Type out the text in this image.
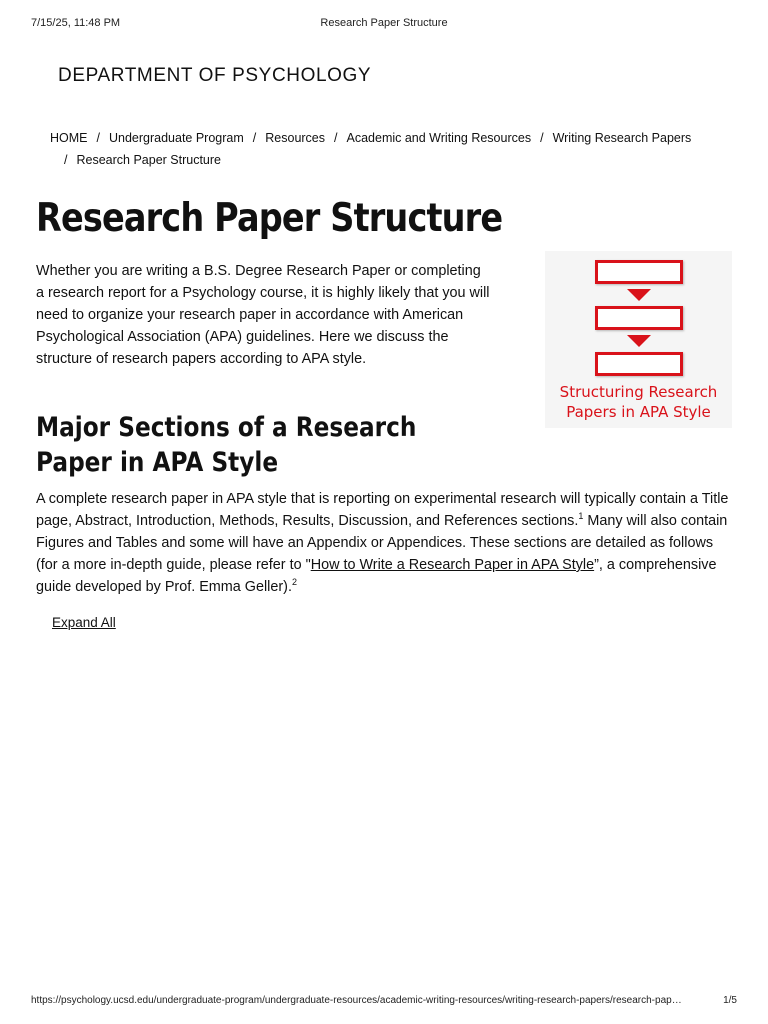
7/15/25, 11:48 PM	Research Paper Structure
DEPARTMENT OF PSYCHOLOGY
HOME / Undergraduate Program / Resources / Academic and Writing Resources / Writing Research Papers
/ Research Paper Structure
Research Paper Structure

Whether you are writing a B.S. Degree Research Paper or completing a research report for a Psychology course, it is highly likely that you will need to organize your research paper in accordance with American Psychological Association (APA) guidelines. Here we discuss the structure of research papers according to APA style.

Structuring Research
Papers in APA Style
Major Sections of a Research Paper in APA Style

A complete research paper in APA style that is reporting on experimental research will typically contain a Title page, Abstract, Introduction, Methods, Results, Discussion, and References sections.$^1$ Many will also contain Figures and Tables and some will have an Appendix or Appendices. These sections are detailed as follows (for a more in-depth guide, please refer to "How to Write a Research Paper in APA Style”, a comprehensive guide developed by Prof. Emma Geller).$^2$

Expand All
https://psychology.ucsd.edu/undergraduate-program/undergraduate-resources/academic-writing-resources/writing-research-papers/research-pap…	1/5
